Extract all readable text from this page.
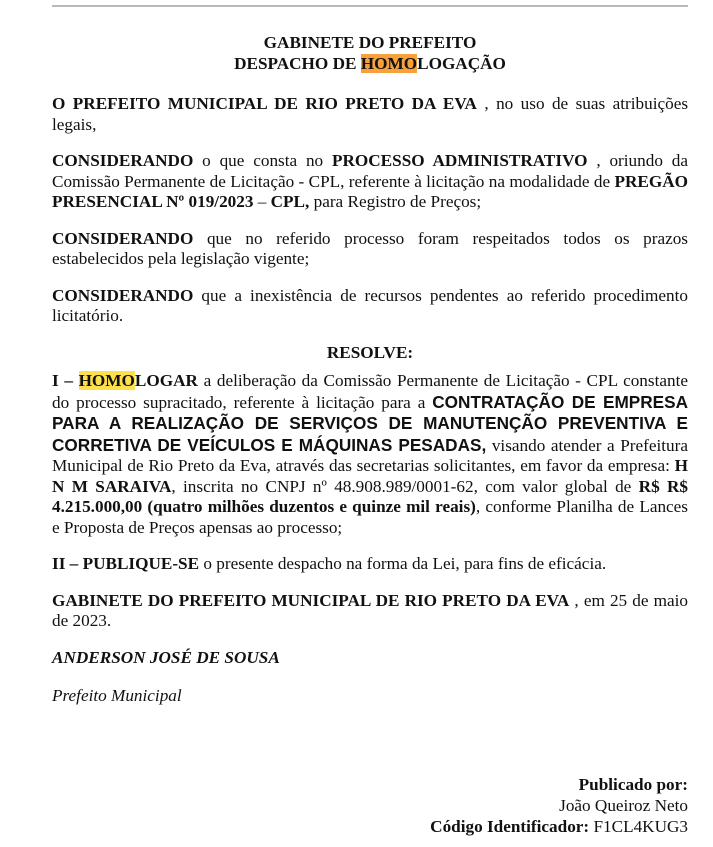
GABINETE DO PREFEITO
DESPACHO DE HOMOLOGAÇÃO

O PREFEITO MUNICIPAL DE RIO PRETO DA EVA , no uso de suas atribuições legais,

CONSIDERANDO o que consta no PROCESSO ADMINISTRATIVO , oriundo da Comissão Permanente de Licitação - CPL, referente à licitação na modalidade de PREGÃO PRESENCIAL Nº 019/2023 – CPL, para Registro de Preços;

CONSIDERANDO que no referido processo foram respeitados todos os prazos estabelecidos pela legislação vigente;

CONSIDERANDO que a inexistência de recursos pendentes ao referido procedimento licitatório.

RESOLVE:

I – HOMOLOGAR a deliberação da Comissão Permanente de Licitação - CPL constante do processo supracitado, referente à licitação para a CONTRATAÇÃO DE EMPRESA PARA A REALIZAÇÃO DE SERVIÇOS DE MANUTENÇÃO PREVENTIVA E CORRETIVA DE VEÍCULOS E MÁQUINAS PESADAS, visando atender a Prefeitura Municipal de Rio Preto da Eva, através das secretarias solicitantes, em favor da empresa: H N M SARAIVA, inscrita no CNPJ nº 48.908.989/0001-62, com valor global de R$ R$ 4.215.000,00 (quatro milhões duzentos e quinze mil reais), conforme Planilha de Lances e Proposta de Preços apensas ao processo;

II – PUBLIQUE-SE o presente despacho na forma da Lei, para fins de eficácia.

GABINETE DO PREFEITO MUNICIPAL DE RIO PRETO DA EVA , em 25 de maio de 2023.

ANDERSON JOSÉ DE SOUSA
Prefeito Municipal
Publicado por:
João Queiroz Neto
Código Identificador: F1CL4KUG3
